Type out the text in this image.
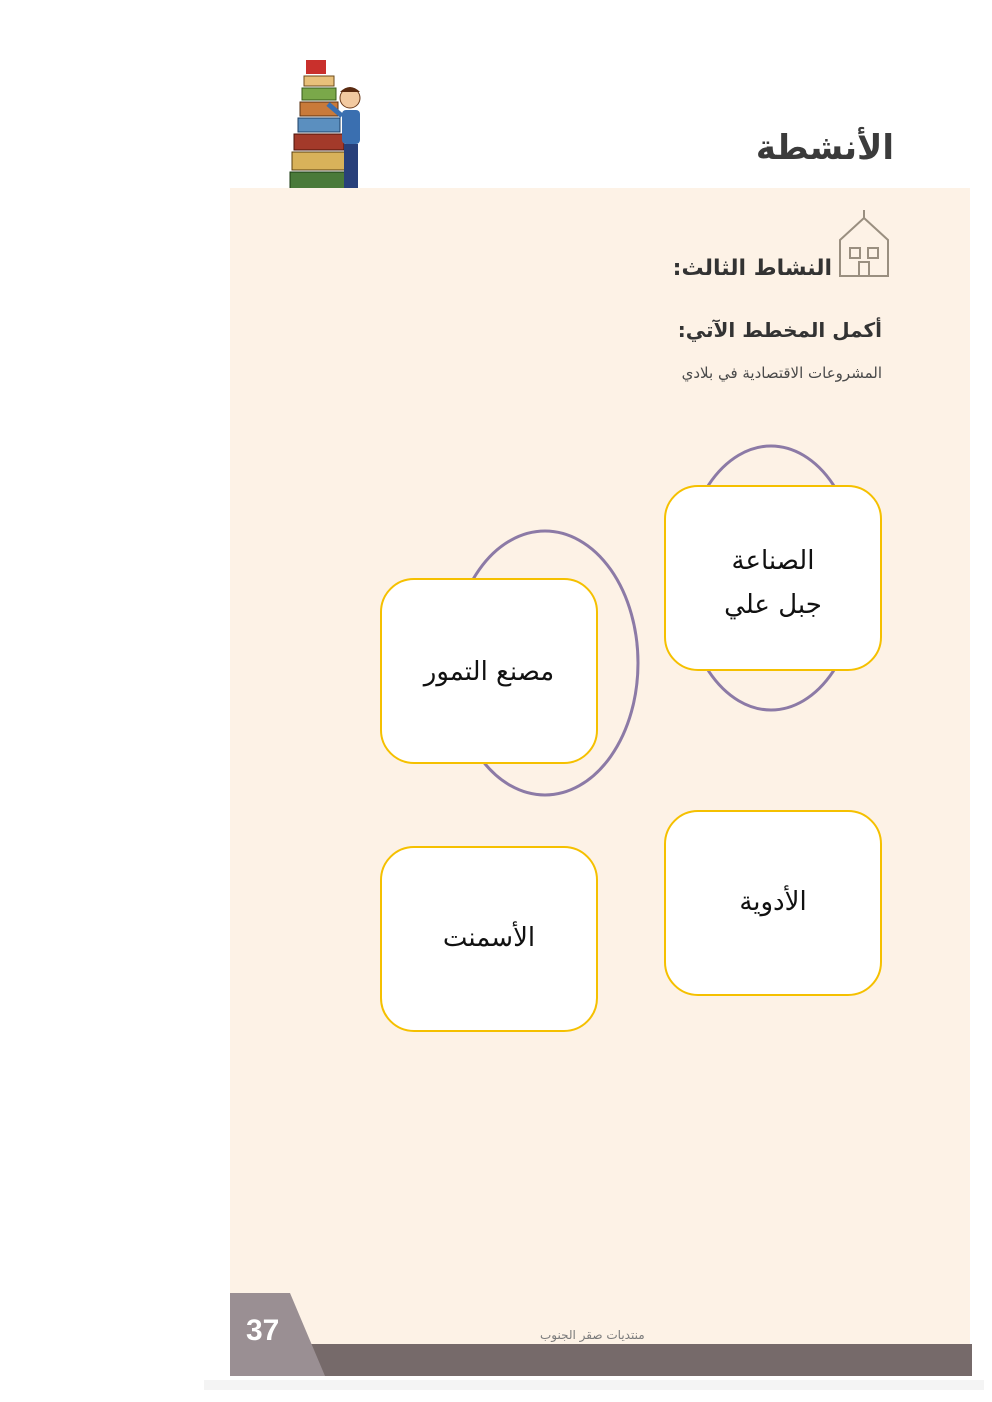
الأنشطة
النشاط الثالث:
أكمل المخطط الآتي:
المشروعات الاقتصادية في بلادي
الصناعة
جبل علي
مصنع التمور
الأدوية
الأسمنت
37	منتديات صقر الجنوب
